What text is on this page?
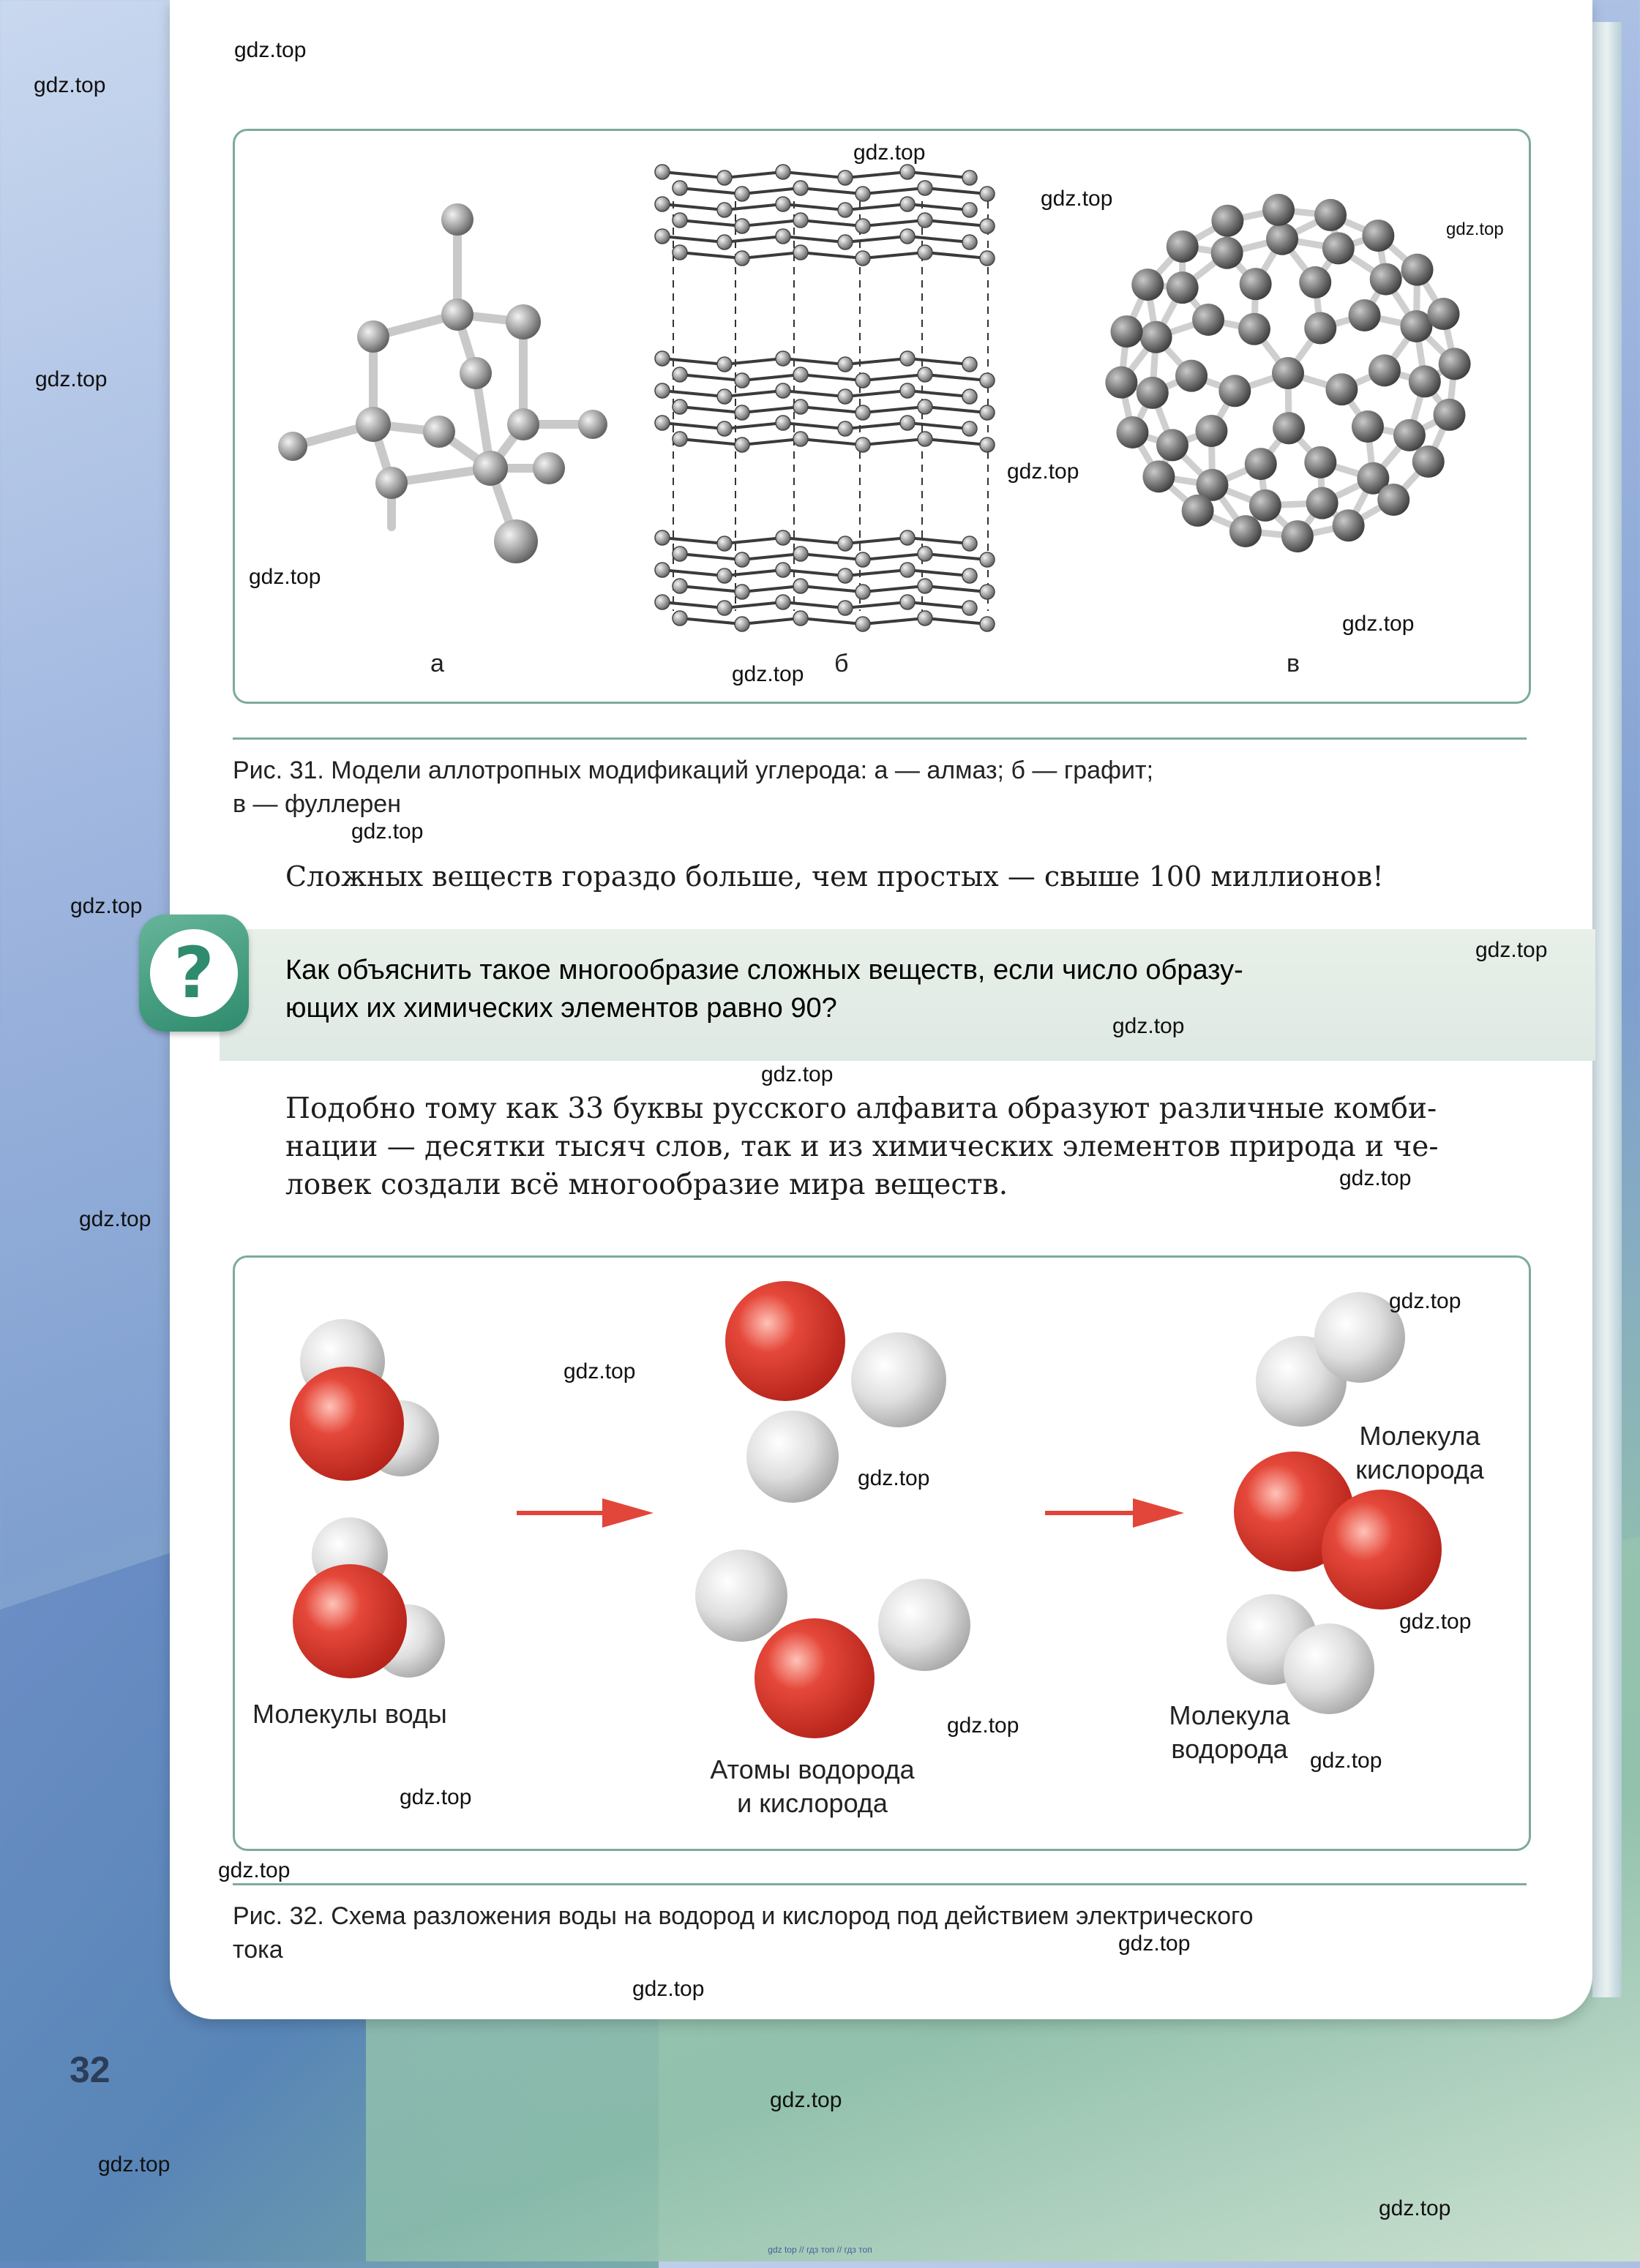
а	б	в
Рис. 31. Модели аллотропных модификаций углерода: а — алмаз; б — графит;
в — фуллерен
Сложных веществ гораздо больше, чем простых — свыше 100 миллионов!
?	Как объяснить такое многообразие сложных веществ, если число образу-
ющих их химических элементов равно 90?
Подобно тому как 33 буквы русского алфавита образуют различные комби-
нации — десятки тысяч слов, так и из химических элементов природа и че-
ловек создали всё многообразие мира веществ.
Молекулы воды
Атомы водорода
и кислорода
Молекула
кислорода
Молекула
водорода
Рис. 32. Схема разложения воды на водород и кислород под действием электрического
тока
32
gdz.top
gdz.top
gdz.top
gdz.top
gdz.top
gdz.top
gdz.top
gdz.top
gdz.top
gdz.top
gdz.top
gdz.top
gdz.top
gdz.top
gdz.top
gdz.top
gdz.top
gdz.top
gdz.top
gdz.top
gdz.top
gdz.top
gdz.top
gdz.top
gdz.top
gdz.top
gdz.top
gdz.top
gdz.top
gdz.top
gdz top // гдз топ // гдз топ
